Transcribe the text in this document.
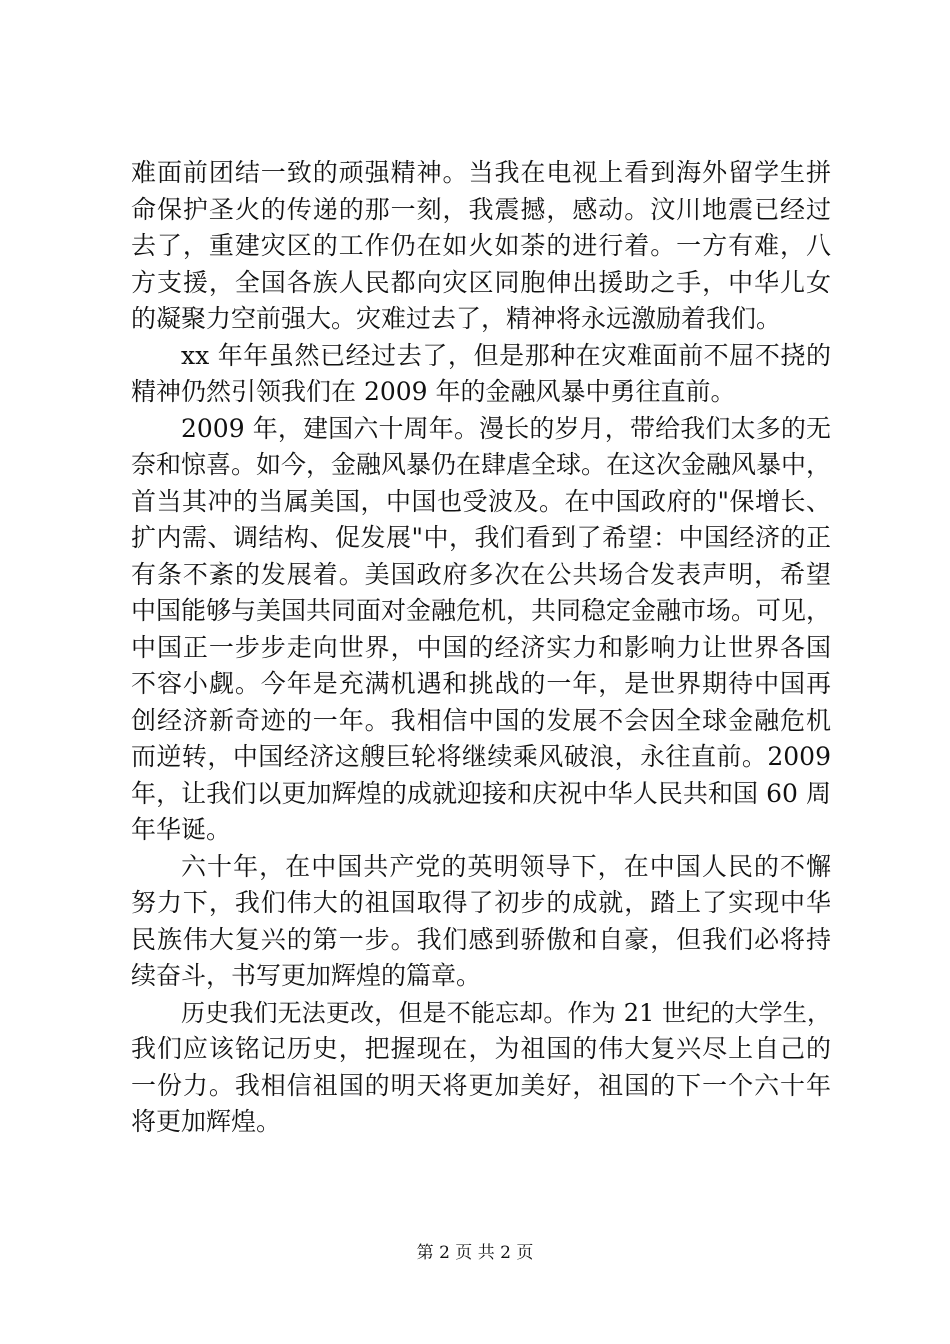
难面前团结一致的顽强精神。当我在电视上看到海外留学生拼
命保护圣火的传递的那一刻，我震撼，感动。汶川地震已经过
去了，重建灾区的工作仍在如火如荼的进行着。一方有难，八
方支援，全国各族人民都向灾区同胞伸出援助之手，中华儿女
的凝聚力空前强大。灾难过去了，精神将永远激励着我们。
xx 年年虽然已经过去了，但是那种在灾难面前不屈不挠的
精神仍然引领我们在 2009 年的金融风暴中勇往直前。
2009 年，建国六十周年。漫长的岁月，带给我们太多的无
奈和惊喜。如今，金融风暴仍在肆虐全球。在这次金融风暴中，
首当其冲的当属美国，中国也受波及。在中国政府的"保增长、
扩内需、调结构、促发展"中，我们看到了希望：中国经济的正
有条不紊的发展着。美国政府多次在公共场合发表声明，希望
中国能够与美国共同面对金融危机，共同稳定金融市场。可见，
中国正一步步走向世界，中国的经济实力和影响力让世界各国
不容小觑。今年是充满机遇和挑战的一年，是世界期待中国再
创经济新奇迹的一年。我相信中国的发展不会因全球金融危机
而逆转，中国经济这艘巨轮将继续乘风破浪，永往直前。2009
年，让我们以更加辉煌的成就迎接和庆祝中华人民共和国 60 周
年华诞。
六十年，在中国共产党的英明领导下，在中国人民的不懈
努力下，我们伟大的祖国取得了初步的成就，踏上了实现中华
民族伟大复兴的第一步。我们感到骄傲和自豪，但我们必将持
续奋斗，书写更加辉煌的篇章。
历史我们无法更改，但是不能忘却。作为 21 世纪的大学生，
我们应该铭记历史，把握现在，为祖国的伟大复兴尽上自己的
一份力。我相信祖国的明天将更加美好，祖国的下一个六十年
将更加辉煌。
第 2 页 共 2 页
